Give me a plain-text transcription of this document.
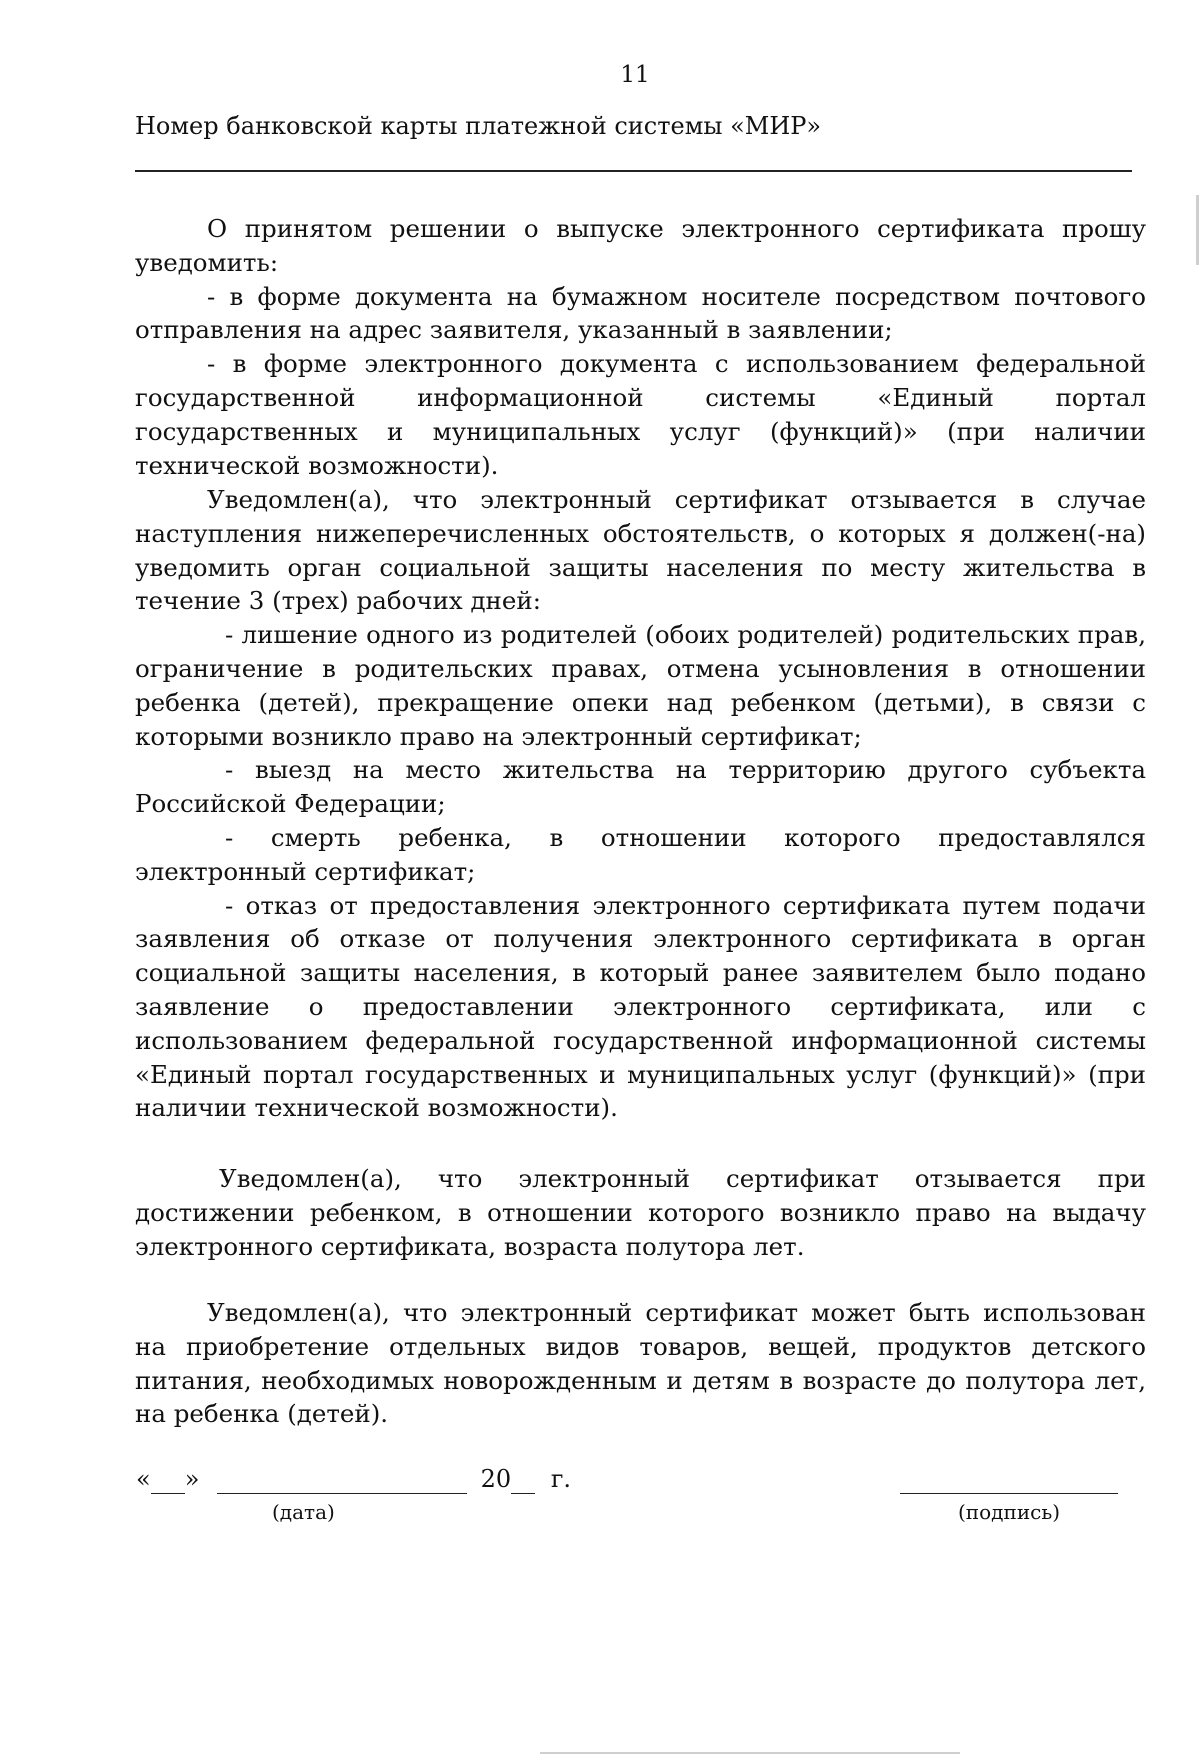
11
Номер банковской карты платежной системы «МИР»

О принятом решении о выпуске электронного сертификата прошу уведомить:

- в форме документа на бумажном носителе посредством почтового отправления на адрес заявителя, указанный в заявлении;

- в форме электронного документа с использованием федеральной государственной информационной системы «Единый портал государственных и муниципальных услуг (функций)» (при наличии технической возможности).

Уведомлен(а), что электронный сертификат отзывается в случае наступления нижеперечисленных обстоятельств, о которых я должен(-на) уведомить орган социальной защиты населения по месту жительства в течение 3 (трех) рабочих дней:

- лишение одного из родителей (обоих родителей) родительских прав, ограничение в родительских правах, отмена усыновления в отношении ребенка (детей), прекращение опеки над ребенком (детьми), в связи с которыми возникло право на электронный сертификат;

- выезд на место жительства на территорию другого субъекта Российской Федерации;

- смерть ребенка, в отношении которого предоставлялся электронный сертификат;

- отказ от предоставления электронного сертификата путем подачи заявления об отказе от получения электронного сертификата в орган социальной защиты населения, в который ранее заявителем было подано заявление о предоставлении электронного сертификата, или с использованием федеральной государственной информационной системы «Единый портал государственных и муниципальных услуг (функций)» (при наличии технической возможности).

Уведомлен(а), что электронный сертификат отзывается при достижении ребенком, в отношении которого возникло право на выдачу электронного сертификата, возраста полутора лет.

Уведомлен(а), что электронный сертификат может быть использован на приобретение отдельных видов товаров, вещей, продуктов детского питания, необходимых новорожденным и детям в возрасте до полутора лет, на ребенка (детей).

« »	20 г.
(дата)	(подпись)
